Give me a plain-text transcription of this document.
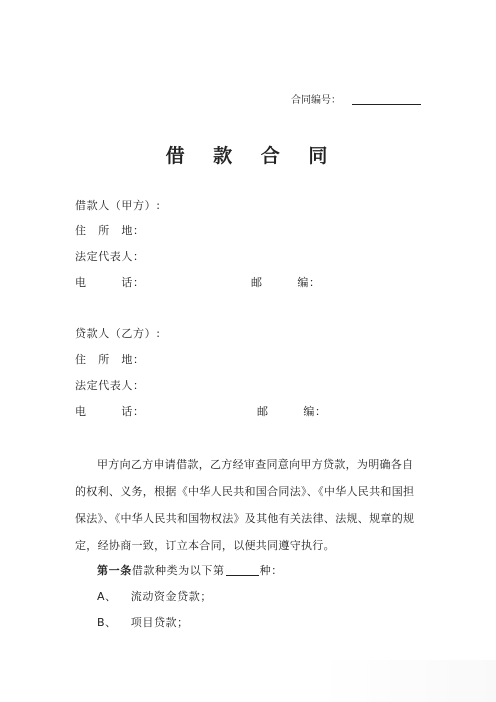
合同编号：
借 款 合 同
借款人（甲方）:
住　所　地：
法定代表人：
电　　　话：	邮　　　编：
贷款人（乙方）:
住　所　地：
法定代表人：
电　　　话：	邮　　　编：
甲方向乙方申请借款，乙方经审查同意向甲方贷款，为明确各自
的权利、义务，根据《中华人民共和国合同法》、《中华人民共和国担
保法》、《中华人民共和国物权法》及其他有关法律、法规、规章的规
定，经协商一致，订立本合同，以便共同遵守执行。
第一条借款种类为以下第	种：
A、 流动资金贷款；
B、 项目贷款；
